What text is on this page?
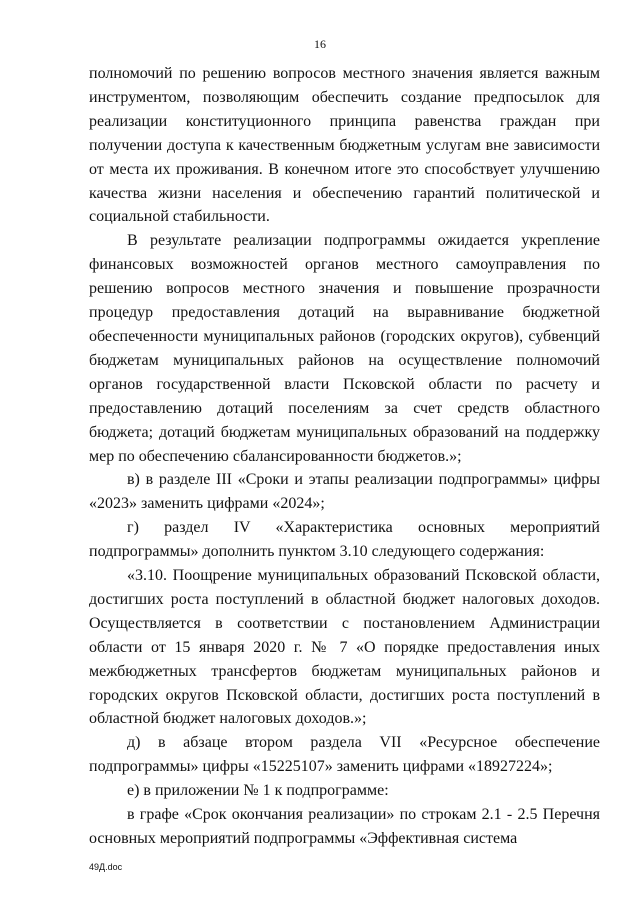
16

полномочий по решению вопросов местного значения является важным инструментом, позволяющим обеспечить создание предпосылок для реализации конституционного принципа равенства граждан при получении доступа к качественным бюджетным услугам вне зависимости от места их проживания. В конечном итоге это способствует улучшению качества жизни населения и обеспечению гарантий политической и социальной стабильности.

В результате реализации подпрограммы ожидается укрепление финансовых возможностей органов местного самоуправления по решению вопросов местного значения и повышение прозрачности процедур предоставления дотаций на выравнивание бюджетной обеспеченности муниципальных районов (городских округов), субвенций бюджетам муниципальных районов на осуществление полномочий органов государственной власти Псковской области по расчету и предоставлению дотаций поселениям за счет средств областного бюджета; дотаций бюджетам муниципальных образований на поддержку мер по обеспечению сбалансированности бюджетов.»;

в) в разделе III «Сроки и этапы реализации подпрограммы» цифры «2023» заменить цифрами «2024»;

г) раздел IV «Характеристика основных мероприятий подпрограммы» дополнить пунктом 3.10 следующего содержания:

«3.10. Поощрение муниципальных образований Псковской области, достигших роста поступлений в областной бюджет налоговых доходов. Осуществляется в соответствии с постановлением Администрации области от 15 января 2020 г. № 7 «О порядке предоставления иных межбюджетных трансфертов бюджетам муниципальных районов и городских округов Псковской области, достигших роста поступлений в областной бюджет налоговых доходов.»;

д) в абзаце втором раздела VII «Ресурсное обеспечение подпрограммы» цифры «15225107» заменить цифрами «18927224»;

е) в приложении № 1 к подпрограмме:

в графе «Срок окончания реализации» по строкам 2.1 - 2.5 Перечня основных мероприятий подпрограммы «Эффективная система

49Д.doc
